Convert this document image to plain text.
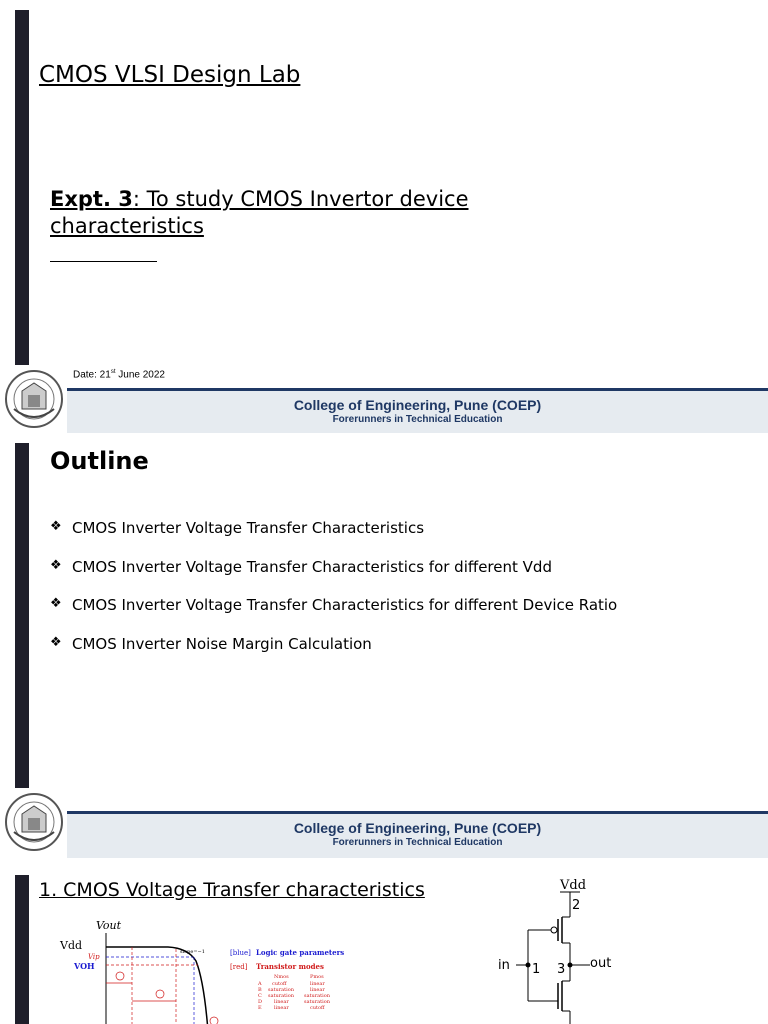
CMOS VLSI Design Lab
Expt. 3: To study CMOS Invertor device characteristics
Date: 21st June 2022
College of Engineering, Pune (COEP)
Forerunners in Technical Education
Outline
❖ CMOS Inverter Voltage Transfer Characteristics
❖ CMOS Inverter Voltage Transfer Characteristics for different Vdd
❖ CMOS Inverter Voltage Transfer Characteristics for different Device Ratio
❖ CMOS Inverter Noise Margin Calculation
College of Engineering, Pune (COEP)
Forerunners in Technical Education
1. CMOS Voltage Transfer characteristics
Vout
Vdd
VOH
Vip
slope=−1	[blue] Logic gate parameters
[red] Transistor modes
Nmos	Pmos
A cutoff	linear
B saturation	linear
C saturation saturation
D linear	saturation
E linear	cutoff
Vdd
2
out
3
in 1
